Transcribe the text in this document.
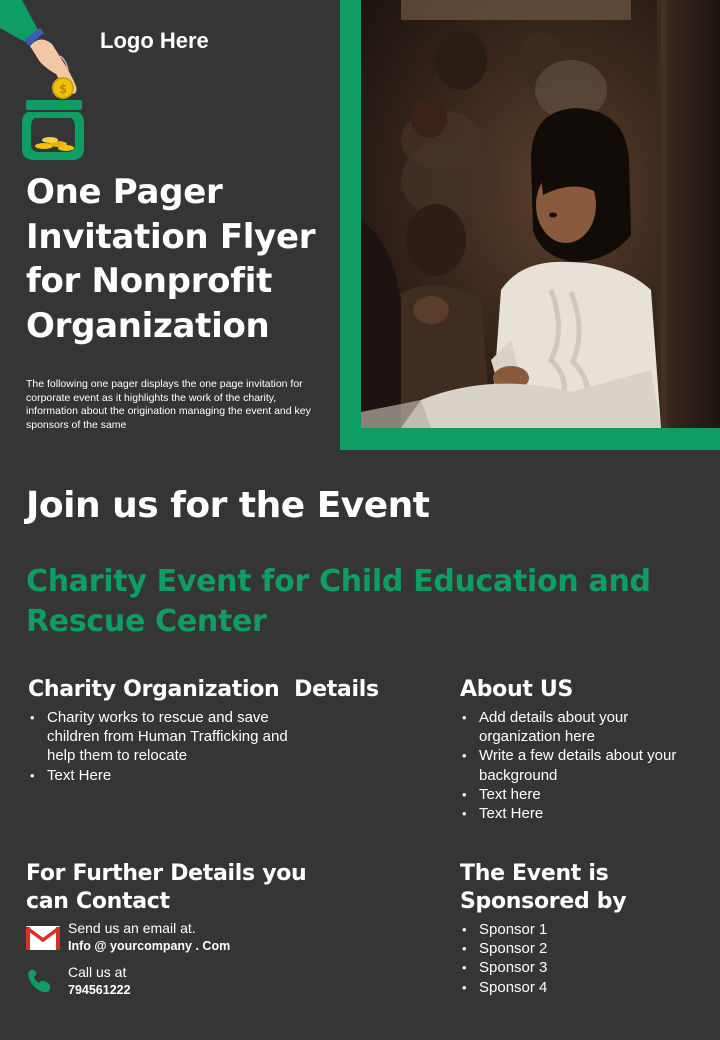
$
Logo Here
One Pager
Invitation Flyer
for Nonprofit
Organization

The following one pager displays the one page invitation for corporate event as it highlights the work of the charity, information about the origination managing the event and key sponsors of the same

Join us for the Event
Charity Event for Child Education and Rescue Center
Charity Organization  Details
• Charity works to rescue and save children from Human Trafficking and help them to relocate
• Text Here
About US
• Add details about your organization here
• Write a few details about your background
• Text here
• Text Here
For Further Details you can Contact
Send us an email at.
Info @ yourcompany . Com
Call us at
794561222
The Event is Sponsored by
• Sponsor 1
• Sponsor 2
• Sponsor 3
• Sponsor 4
